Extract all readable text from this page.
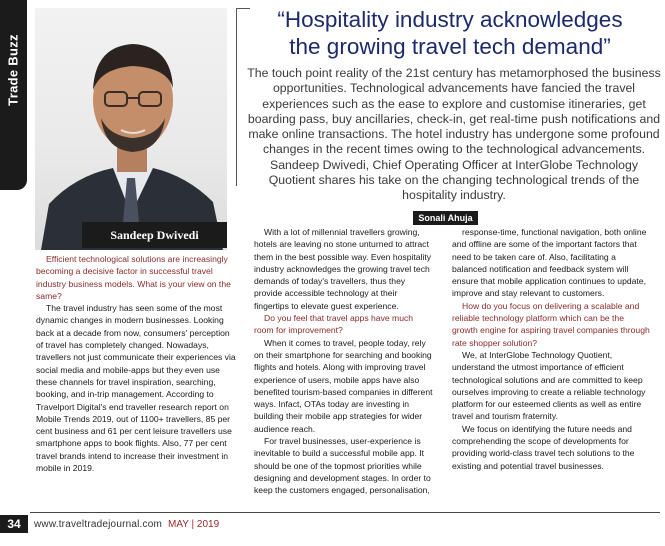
Trade Buzz
Sandeep Dwivedi
“Hospitality industry acknowledges
the growing travel tech demand”
The touch point reality of the 21st century has metamorphosed the business opportunities. Technological advancements have fancied the travel experiences such as the ease to explore and customise itineraries, get boarding pass, buy ancillaries, check-in, get real-time push notifications and make online transactions. The hotel industry has undergone some profound changes in the recent times owing to the technological advancements. Sandeep Dwivedi, Chief Operating Officer at InterGlobe Technology Quotient shares his take on the changing technological trends of the hospitality industry.
Sonali Ahuja

Efficient technological solutions are increasingly becoming a decisive factor in successful travel industry business models. What is your view on the same?

The travel industry has seen some of the most dynamic changes in modern businesses. Looking back at a decade from now, consumers' perception of travel has completely changed. Nowadays, travellers not just communicate their experiences via social media and mobile-apps but they even use these channels for travel inspiration, searching, booking, and in-trip management. According to Travelport Digital's end traveller research report on Mobile Trends 2019, out of 1100+ travellers, 85 per cent business and 61 per cent leisure travellers use smartphone apps to book flights. Also, 77 per cent travel brands intend to increase their investment in mobile in 2019.

With a lot of millennial travellers growing, hotels are leaving no stone unturned to attract them in the best possible way. Even hospitality industry acknowledges the growing travel tech demands of today's travellers, thus they provide accessible technology at their fingertips to elevate guest experience.

Do you feel that travel apps have much room for improvement?

When it comes to travel, people today, rely on their smartphone for searching and booking flights and hotels. Along with improving travel experience of users, mobile apps have also benefited tourism-based companies in different ways. Infact, OTAs today are investing in building their mobile app strategies for wider audience reach.

For travel businesses, user-experience is inevitable to build a successful mobile app. It should be one of the topmost priorities while designing and development stages. In order to keep the customers engaged, personalisation,

response-time, functional navigation, both online and offline are some of the important factors that need to be taken care of. Also, facilitating a balanced notification and feedback system will ensure that mobile application continues to update, improve and stay relevant to customers.

How do you focus on delivering a scalable and reliable technology platform which can be the growth engine for aspiring travel companies through rate shopper solution?

We, at InterGlobe Technology Quotient, understand the utmost importance of efficient technological solutions and are committed to keep ourselves improving to create a reliable technology platform for our esteemed clients as well as entire travel and tourism fraternity.

We focus on identifying the future needs and comprehending the scope of developments for providing world-class travel tech solutions to the existing and potential travel businesses.

34	www.traveltradejournal.com MAY | 2019
